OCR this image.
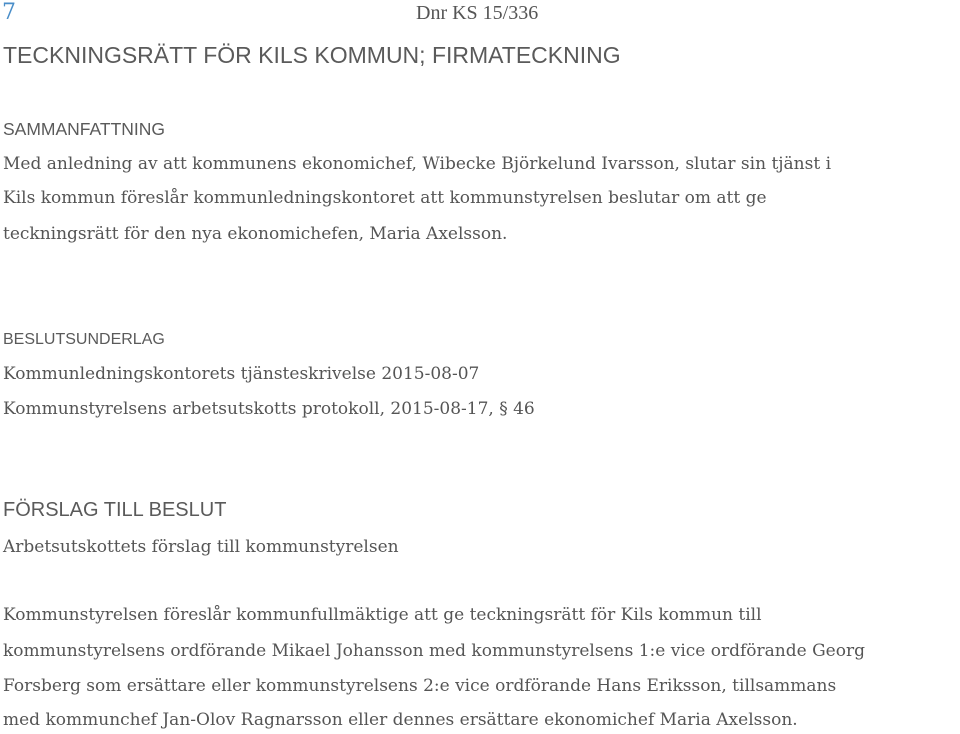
7	Dnr KS 15/336
TECKNINGSRÄTT FÖR KILS KOMMUN; FIRMATECKNING
SAMMANFATTNING
Med anledning av att kommunens ekonomichef, Wibecke Björkelund Ivarsson, slutar sin tjänst i
Kils kommun föreslår kommunledningskontoret att kommunstyrelsen beslutar om att ge
teckningsrätt för den nya ekonomichefen, Maria Axelsson.
BESLUTSUNDERLAG
Kommunledningskontorets tjänsteskrivelse 2015-08-07
Kommunstyrelsens arbetsutskotts protokoll, 2015-08-17, § 46
FÖRSLAG TILL BESLUT
Arbetsutskottets förslag till kommunstyrelsen
Kommunstyrelsen föreslår kommunfullmäktige att ge teckningsrätt för Kils kommun till
kommunstyrelsens ordförande Mikael Johansson med kommunstyrelsens 1:e vice ordförande Georg
Forsberg som ersättare eller kommunstyrelsens 2:e vice ordförande Hans Eriksson, tillsammans
med kommunchef Jan-Olov Ragnarsson eller dennes ersättare ekonomichef Maria Axelsson.
